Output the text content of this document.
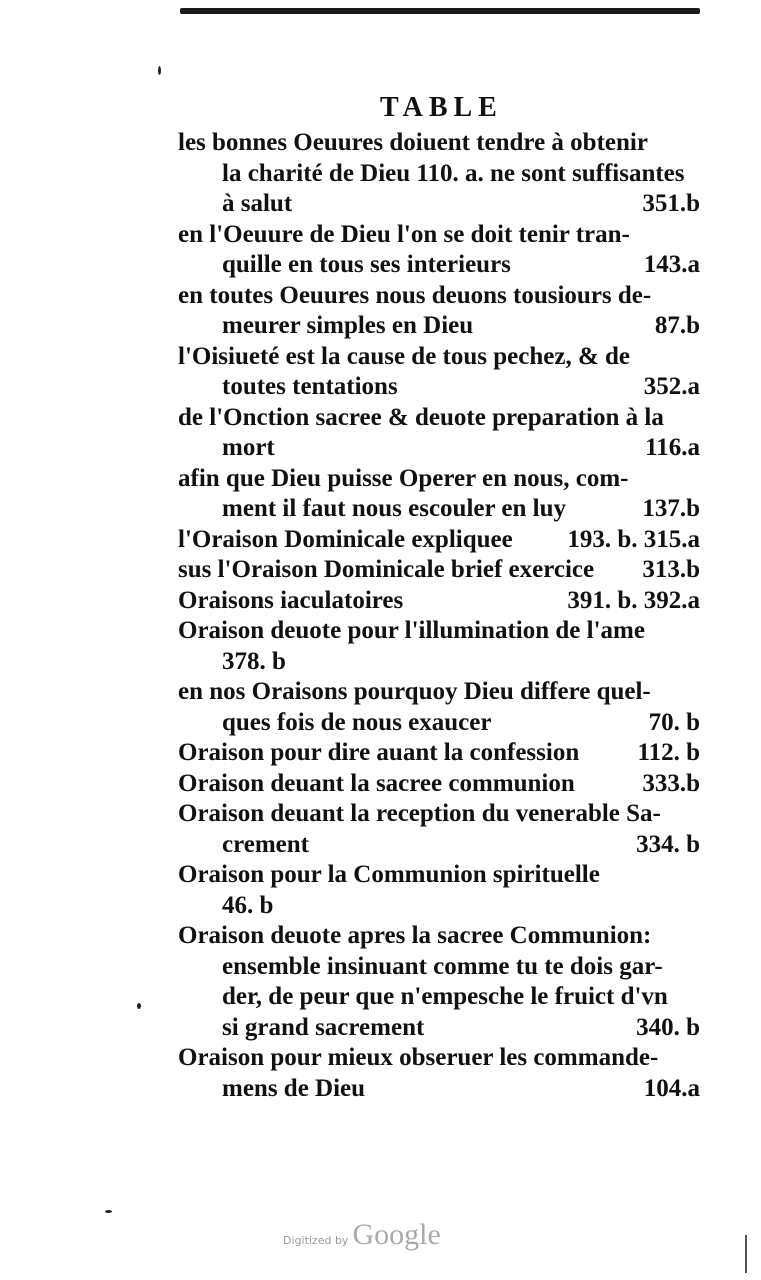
TABLE
les bonnes Oeuures doiuent tendre à obtenir
la charité de Dieu 110. a. ne sont suffisantes
à salut	351.b
en l'Oeuure de Dieu l'on se doit tenir tran-
quille en tous ses interieurs	143.a
en toutes Oeuures nous deuons tousiours de-
meurer simples en Dieu	87.b
l'Oisiueté est la cause de tous pechez, & de
toutes tentations	352.a
de l'Onction sacree & deuote preparation à la
mort	116.a
afin que Dieu puisse Operer en nous, com-
ment il faut nous escouler en luy	137.b
l'Oraison Dominicale expliquee	193. b. 315.a
sus l'Oraison Dominicale brief exercice	313.b
Oraisons iaculatoires	391. b. 392.a
Oraison deuote pour l'illumination de l'ame
378. b
en nos Oraisons pourquoy Dieu differe quel-
ques fois de nous exaucer	70. b
Oraison pour dire auant la confession	112. b
Oraison deuant la sacree communion	333.b
Oraison deuant la reception du venerable Sa-
crement	334. b
Oraison pour la Communion spirituelle
46. b
Oraison deuote apres la sacree Communion:
ensemble insinuant comme tu te dois gar-
der, de peur que n'empesche le fruict d'vn
si grand sacrement	340. b
Oraison pour mieux obseruer les commande-
mens de Dieu	104.a
Digitized by Google
